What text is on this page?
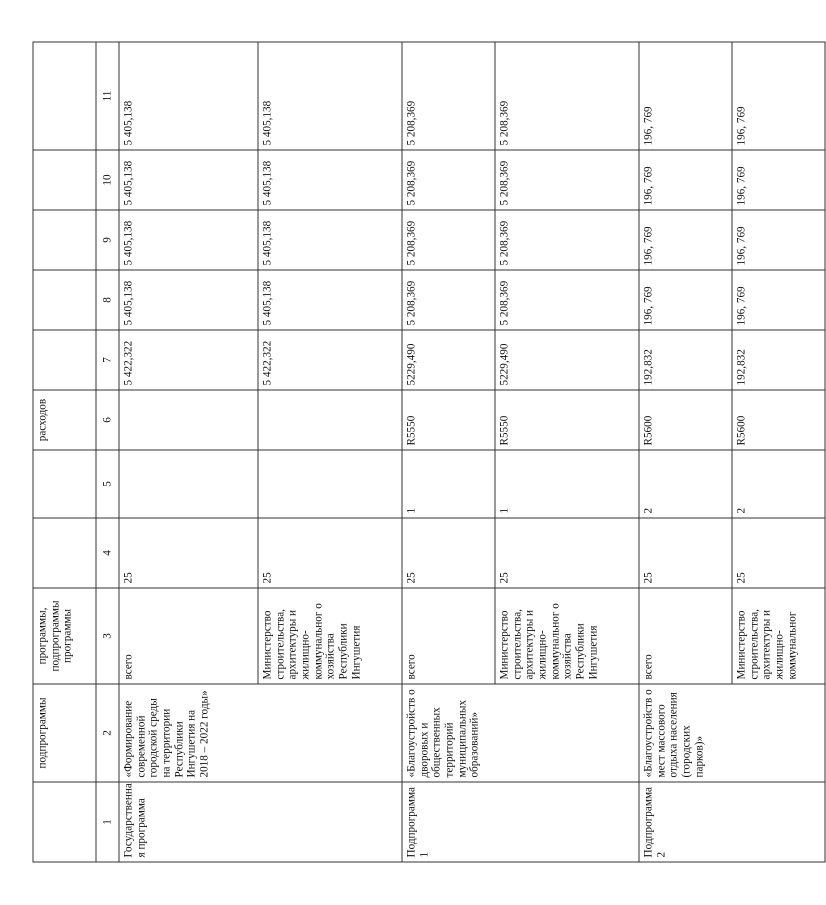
	подпрограммы	программы, подпрограммы программы			расходов					
1	2	3	4	5	6	7	8	9	10	11
Государственна я программа	«Формирование современной городской среды на территории Республики Ингушетия на 2018 – 2022 годы»	всего	25			5 422,322	5 405,138	5 405,138	5 405,138	5 405,138
		Министерство строительства, архитектуры и жилищно-коммунальног о хозяйства Республики Ингушетия	25			5 422,322	5 405,138	5 405,138	5 405,138	5 405,138
Подпрограмма 1	«Благоустройств о дворовых и общественных территорий муниципальных образований»	всего	25	1	R5550	5229,490	5 208,369	5 208,369	5 208,369	5 208,369
		Министерство строительства, архитектуры и жилищно-коммунальног о хозяйства Республики Ингушетия	25	1	R5550	5229,490	5 208,369	5 208,369	5 208,369	5 208,369
Подпрограмма 2	«Благоустройств о мест массового отдыха населения (городских парков)»	всего	25	2	R5600	192,832	196, 769	196, 769	196, 769	196, 769
		Министерство строительства, архитектуры и жилищно-коммунальног	25	2	R5600	192,832	196, 769	196, 769	196, 769	196, 769
